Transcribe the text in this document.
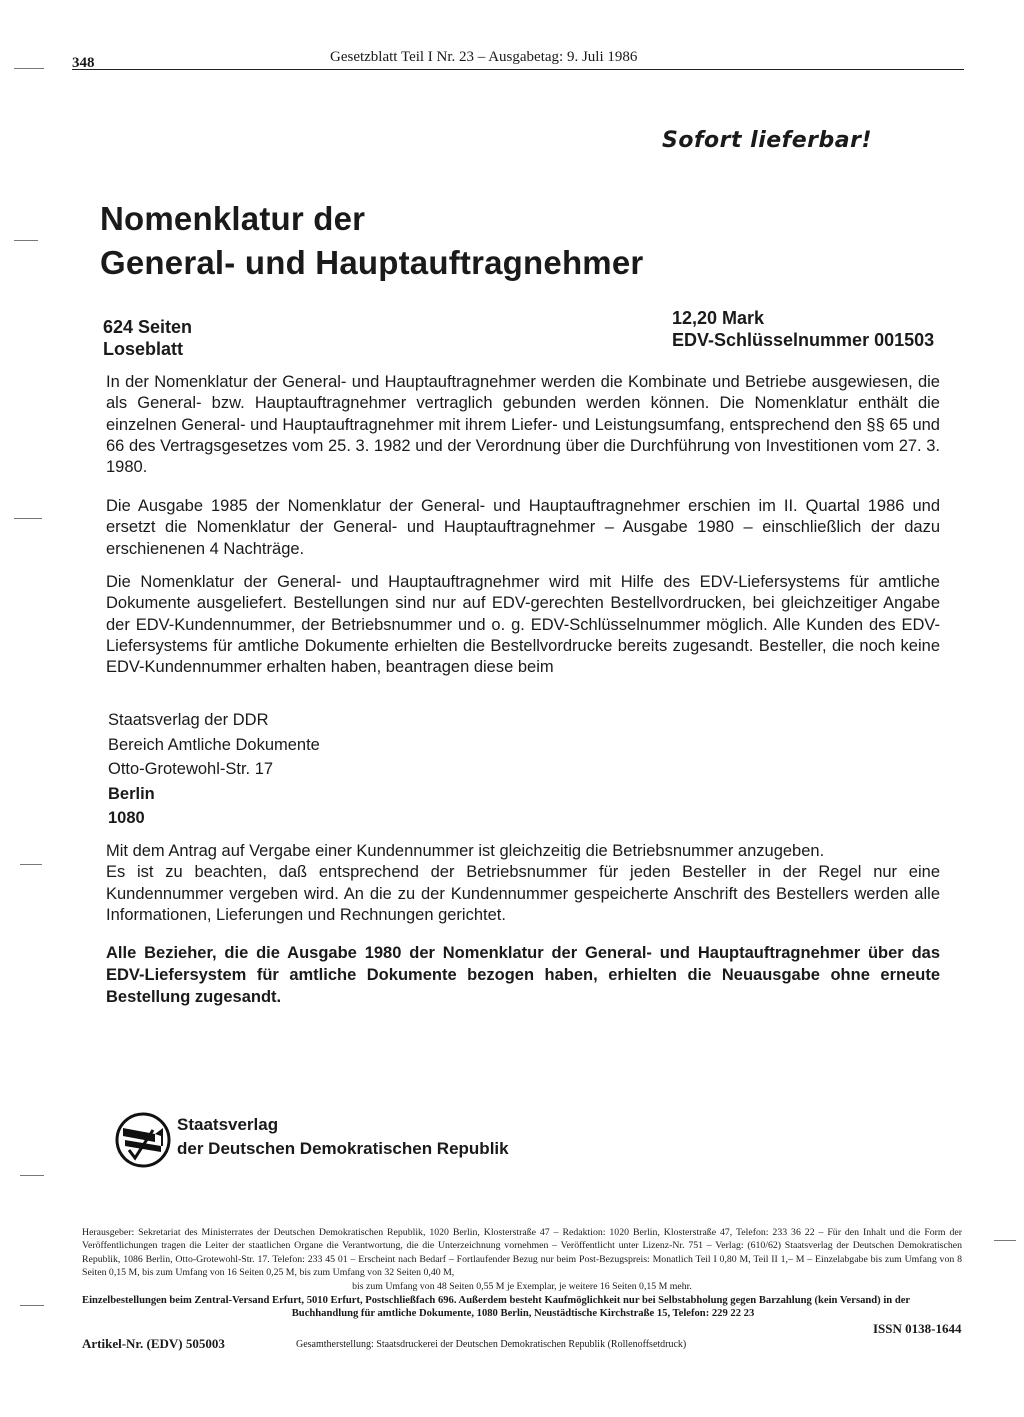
348	Gesetzblatt Teil I Nr. 23 – Ausgabetag: 9. Juli 1986
Sofort lieferbar!
Nomenklatur der
General- und Hauptauftragnehmer
624 Seiten
Loseblatt
12,20 Mark
EDV-Schlüsselnummer 001503
In der Nomenklatur der General- und Hauptauftragnehmer werden die Kombinate und Betriebe ausgewiesen, die als General- bzw. Hauptauftragnehmer vertraglich gebunden werden können. Die Nomenklatur enthält die einzelnen General- und Hauptauftragnehmer mit ihrem Liefer- und Leistungsumfang, entsprechend den §§ 65 und 66 des Vertragsgesetzes vom 25. 3. 1982 und der Verordnung über die Durchführung von Investitionen vom 27. 3. 1980.
Die Ausgabe 1985 der Nomenklatur der General- und Hauptauftragnehmer erschien im II. Quartal 1986 und ersetzt die Nomenklatur der General- und Hauptauftragnehmer – Ausgabe 1980 – einschließlich der dazu erschienenen 4 Nachträge.
Die Nomenklatur der General- und Hauptauftragnehmer wird mit Hilfe des EDV-Liefersystems für amtliche Dokumente ausgeliefert. Bestellungen sind nur auf EDV-gerechten Bestellvordrucken, bei gleichzeitiger Angabe der EDV-Kundennummer, der Betriebsnummer und o. g. EDV-Schlüsselnummer möglich. Alle Kunden des EDV-Liefersystems für amtliche Dokumente erhielten die Bestellvordrucke bereits zugesandt. Besteller, die noch keine EDV-Kundennummer erhalten haben, beantragen diese beim
Staatsverlag der DDR
Bereich Amtliche Dokumente
Otto-Grotewohl-Str. 17
Berlin
1080
Mit dem Antrag auf Vergabe einer Kundennummer ist gleichzeitig die Betriebsnummer anzugeben.
Es ist zu beachten, daß entsprechend der Betriebsnummer für jeden Besteller in der Regel nur eine Kundennummer vergeben wird. An die zu der Kundennummer gespeicherte Anschrift des Bestellers werden alle Informationen, Lieferungen und Rechnungen gerichtet.
Alle Bezieher, die die Ausgabe 1980 der Nomenklatur der General- und Hauptauftragnehmer über das EDV-Liefersystem für amtliche Dokumente bezogen haben, erhielten die Neuausgabe ohne erneute Bestellung zugesandt.
Staatsverlag
der Deutschen Demokratischen Republik
Herausgeber: Sekretariat des Ministerrates der Deutschen Demokratischen Republik, 1020 Berlin, Klosterstraße 47 – Redaktion: 1020 Berlin, Klosterstraße 47, Telefon: 233 36 22 – Für den Inhalt und die Form der Veröffentlichungen tragen die Leiter der staatlichen Organe die Verantwortung, die die Unterzeichnung vornehmen – Veröffentlicht unter Lizenz-Nr. 751 – Verlag: (610/62) Staatsverlag der Deutschen Demokratischen Republik, 1086 Berlin, Otto-Grotewohl-Str. 17. Telefon: 233 45 01 – Erscheint nach Bedarf – Fortlaufender Bezug nur beim Post-Bezugspreis: Monatlich Teil I 0,80 M, Teil II 1,– M – Einzelabgabe bis zum Umfang von 8 Seiten 0,15 M, bis zum Umfang von 16 Seiten 0,25 M, bis zum Umfang von 32 Seiten 0,40 M,
bis zum Umfang von 48 Seiten 0,55 M je Exemplar, je weitere 16 Seiten 0,15 M mehr.
Einzelbestellungen beim Zentral-Versand Erfurt, 5010 Erfurt, Postschließfach 696. Außerdem besteht Kaufmöglichkeit nur bei Selbstabholung gegen Barzahlung (kein Versand) in der
Buchhandlung für amtliche Dokumente, 1080 Berlin, Neustädtische Kirchstraße 15, Telefon: 229 22 23
Artikel-Nr. (EDV) 505003	Gesamtherstellung: Staatsdruckerei der Deutschen Demokratischen Republik (Rollenoffsetdruck)
ISSN 0138-1644
